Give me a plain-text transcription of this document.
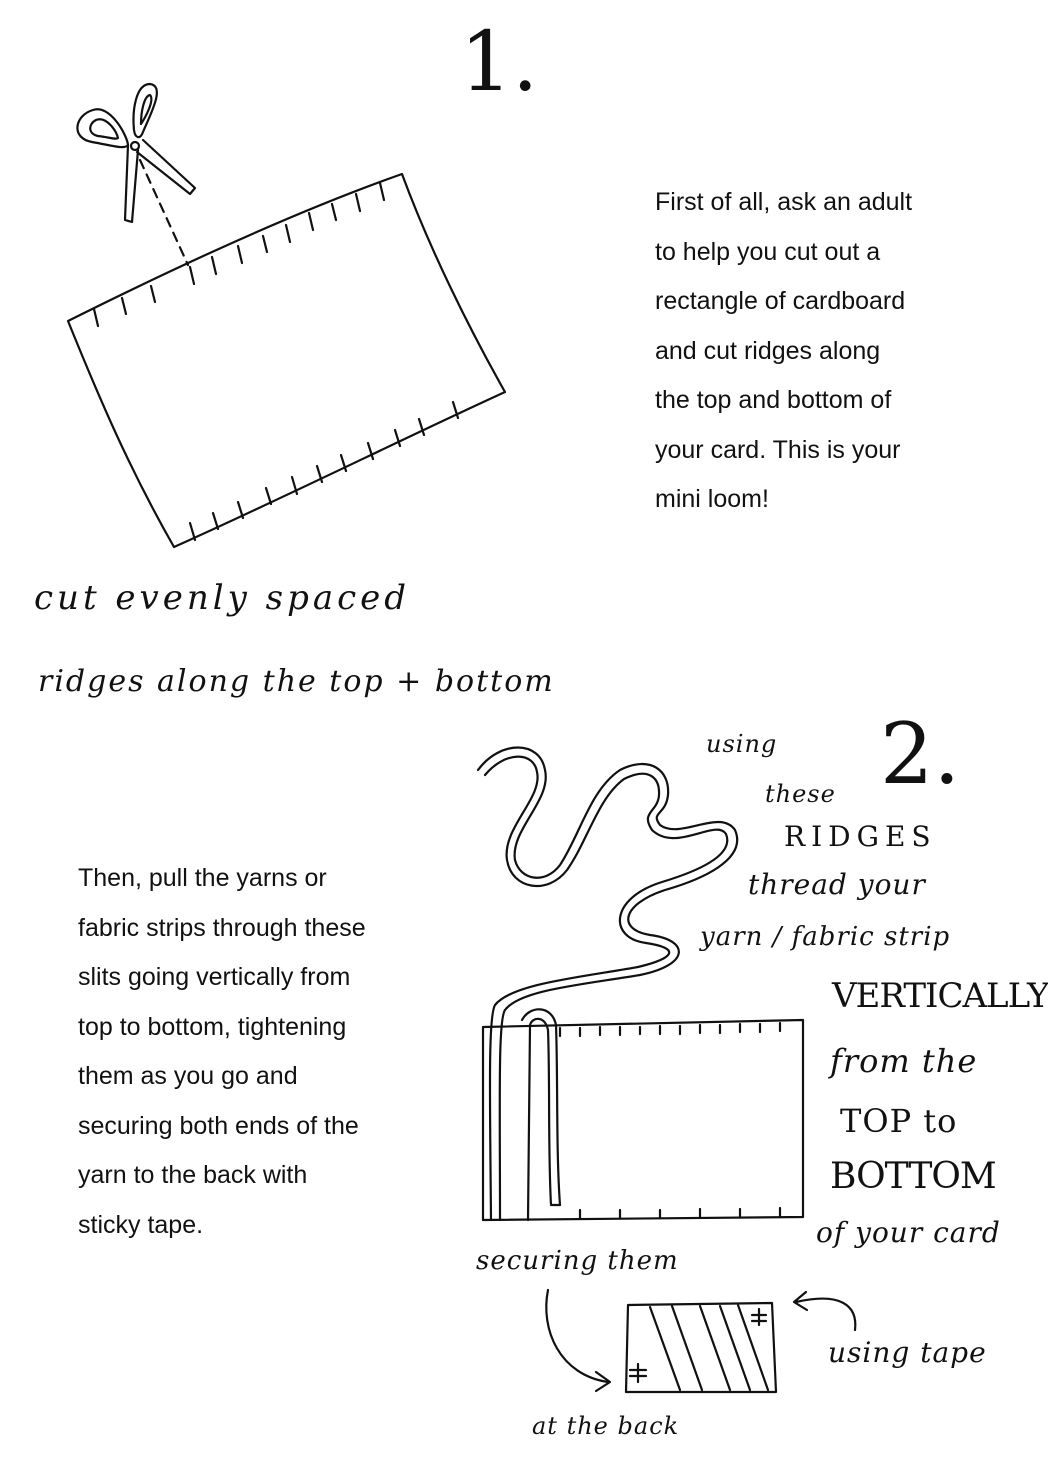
1.
2.

First of all, ask an adult

to help you cut out a

rectangle of cardboard

and cut ridges along

the top and bottom of

your card. This is your

mini loom!

Then, pull the yarns or

fabric strips through these

slits going vertically from

top to bottom, tightening

them as you go and

securing both ends of the

yarn to the back with

sticky tape.

cut evenly spaced
ridges along the top + bottom
using
these
RIDGES
thread your
yarn / fabric strip
VERTICALLY
from the
TOP to
BOTTOM
of your card
securing them
using tape
at the back
